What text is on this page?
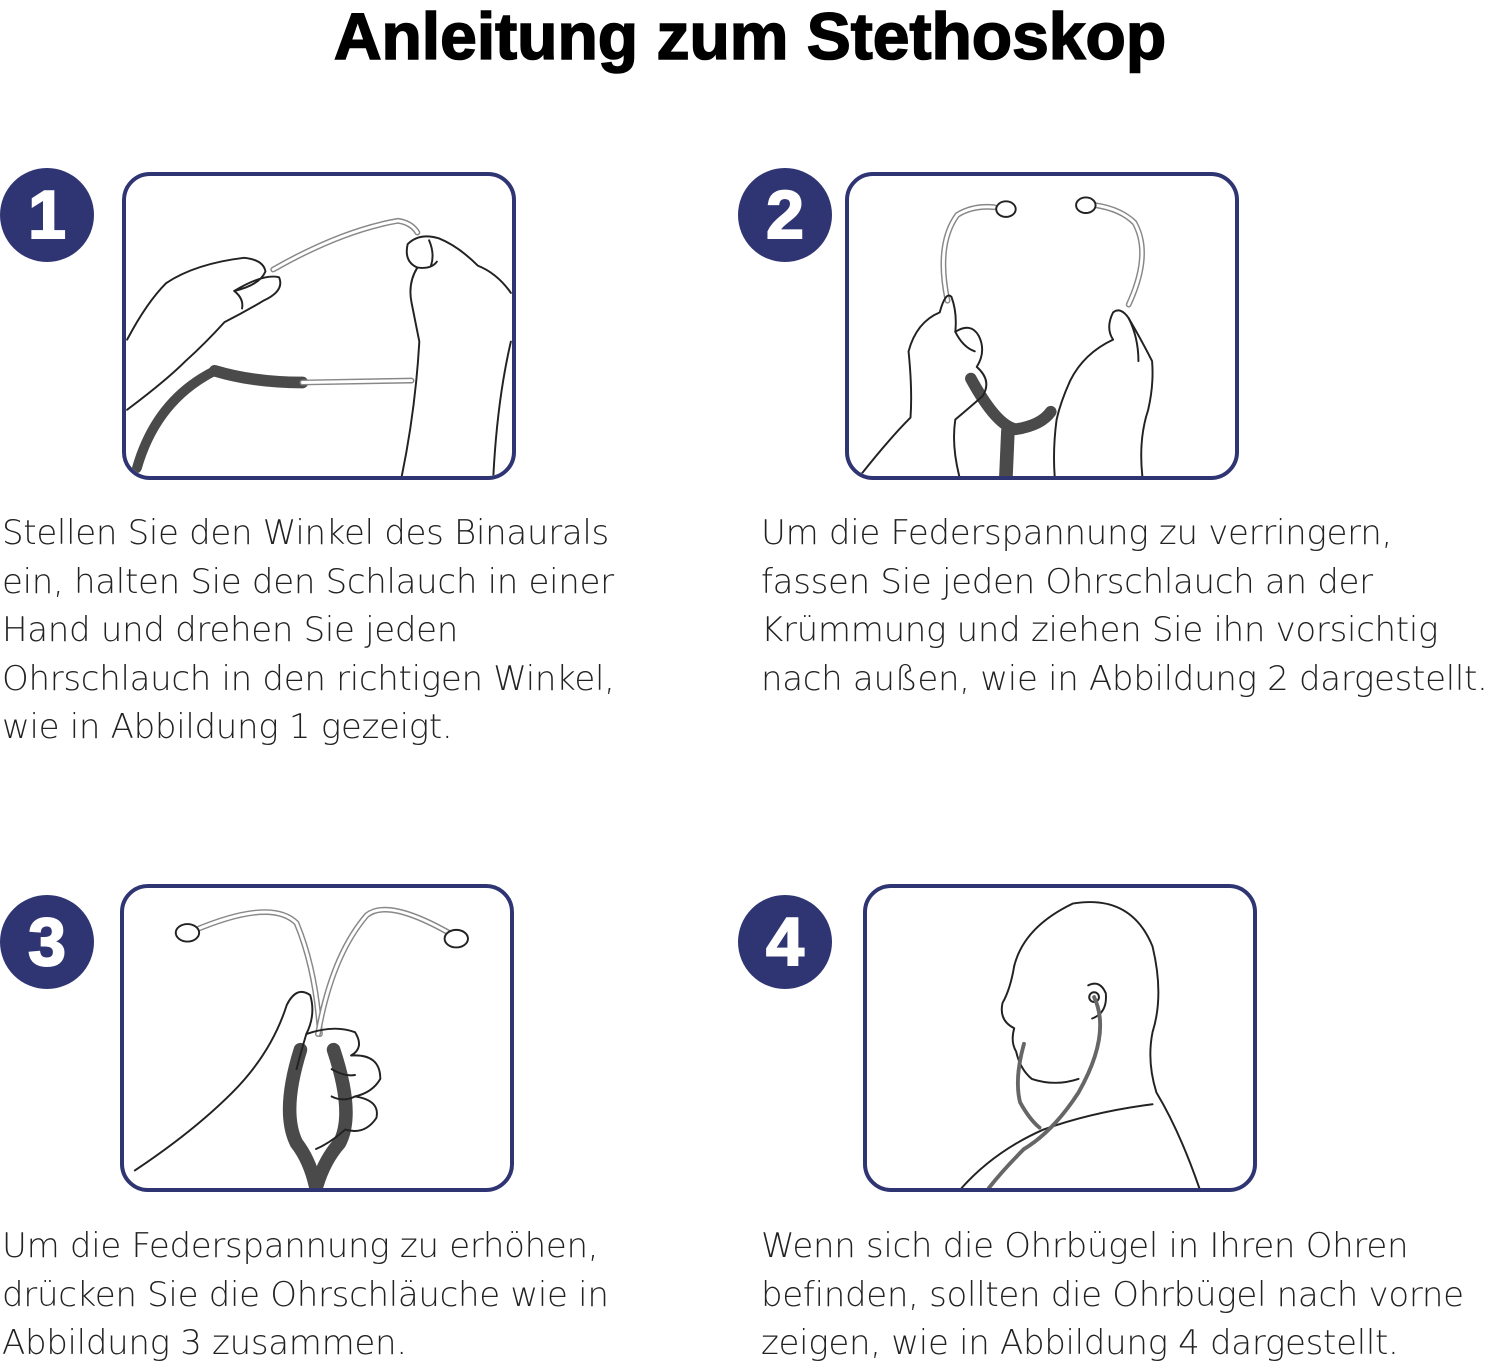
Anleitung zum Stethoskop
1
Stellen Sie den Winkel des Binaurals
ein, halten Sie den Schlauch in einer
Hand und drehen Sie jeden
Ohrschlauch in den richtigen Winkel,
wie in Abbildung 1 gezeigt.
2
Um die Federspannung zu verringern,
fassen Sie jeden Ohrschlauch an der
Krümmung und ziehen Sie ihn vorsichtig
nach außen, wie in Abbildung 2 dargestellt.
3
Um die Federspannung zu erhöhen,
drücken Sie die Ohrschläuche wie in
Abbildung 3 zusammen.
4
Wenn sich die Ohrbügel in Ihren Ohren
befinden, sollten die Ohrbügel nach vorne
zeigen, wie in Abbildung 4 dargestellt.
